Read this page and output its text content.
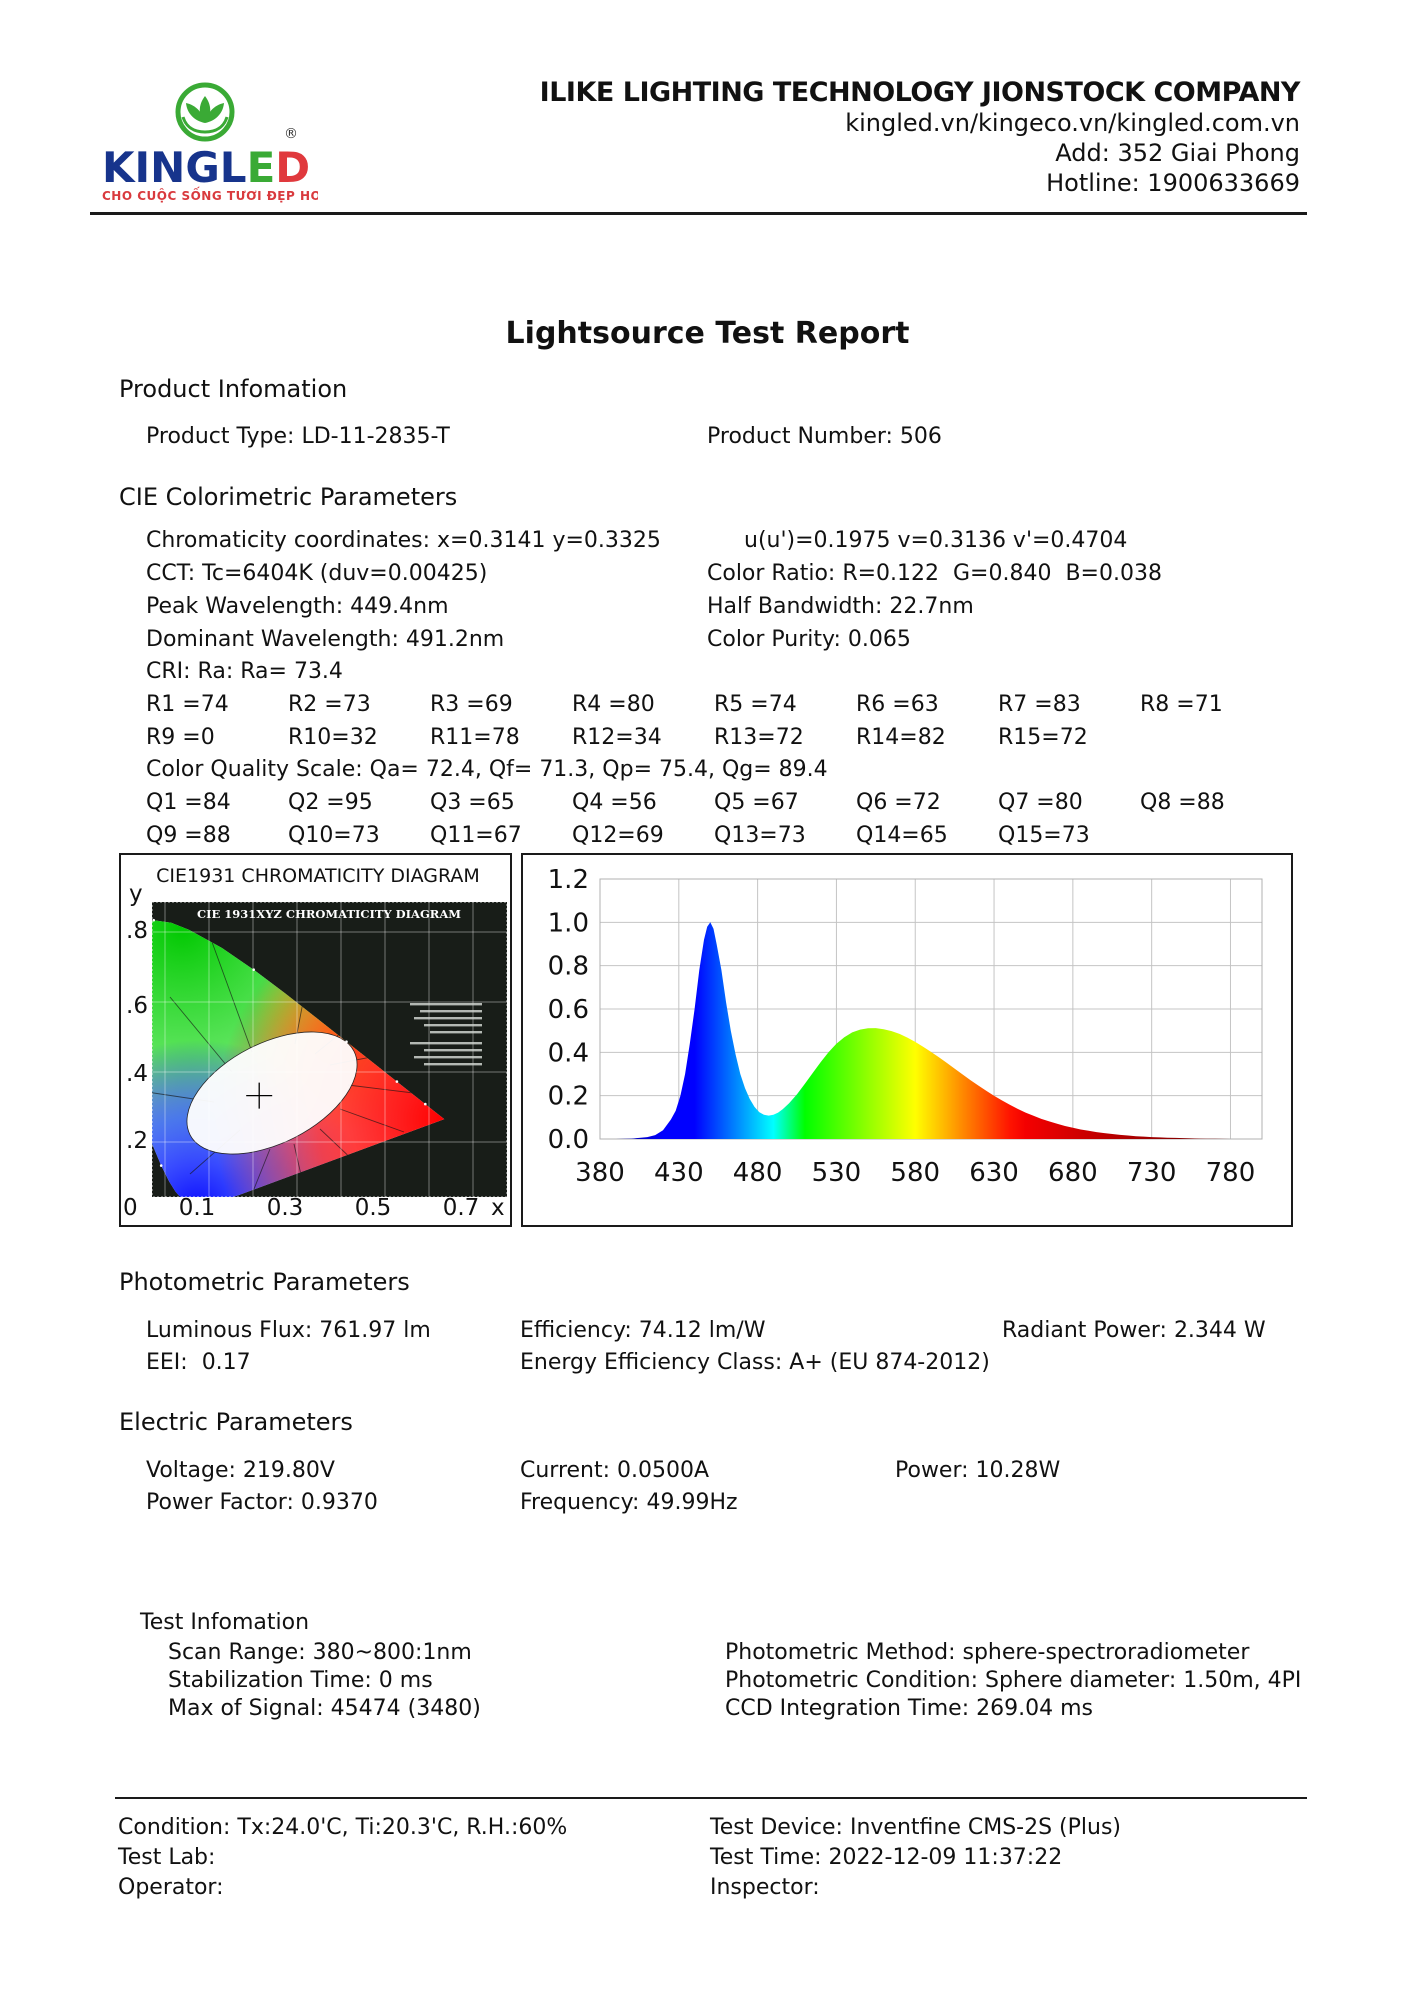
KINGLED
®
CHO CUỘC SỐNG TƯƠI ĐẸP HƠN
ILIKE LIGHTING TECHNOLOGY JIONSTOCK COMPANY
kingled.vn/kingeco.vn/kingled.com.vn
Add: 352 Giai Phong
Hotline: 1900633669
Lightsource Test Report
Product Infomation
Product Type: LD-11-2835-T	Product Number: 506
CIE Colorimetric Parameters
Chromaticity coordinates: x=0.3141 y=0.3325	u(u')=0.1975 v=0.3136 v'=0.4704
CCT: Tc=6404K (duv=0.00425)	Color Ratio: R=0.122  G=0.840  B=0.038
Peak Wavelength: 449.4nm	Half Bandwidth: 22.7nm
Dominant Wavelength: 491.2nm	Color Purity: 0.065
CRI: Ra: Ra= 73.4
R1 =74	R2 =73	R3 =69	R4 =80	R5 =74	R6 =63	R7 =83	R8 =71
R9 =0	R10=32	R11=78	R12=34	R13=72	R14=82	R15=72
Color Quality Scale: Qa= 72.4, Qf= 71.3, Qp= 75.4, Qg= 89.4
Q1 =84	Q2 =95	Q3 =65	Q4 =56	Q5 =67	Q6 =72	Q7 =80	Q8 =88
Q9 =88	Q10=73	Q11=67	Q12=69	Q13=73	Q14=65	Q15=73
CIE1931 CHROMATICITY DIAGRAM
y
.8
.6
.4
.2
CIE 1931XYZ CHROMATICITY DIAGRAM
0	0.1	0.3	0.5	0.7 x
0.0
0.2
0.4
0.6
0.8
1.0
1.2
380 430 480 530 580 630 680 730 780
Photometric Parameters
Luminous Flux: 761.97 lm	Efficiency: 74.12 lm/W	Radiant Power: 2.344 W
EEI:  0.17	Energy Efficiency Class: A+ (EU 874-2012)
Electric Parameters
Voltage: 219.80V	Current: 0.0500A	Power: 10.28W
Power Factor: 0.9370	Frequency: 49.99Hz
Test Infomation
Scan Range: 380~800:1nm
Stabilization Time: 0 ms
Max of Signal: 45474 (3480)
Photometric Method: sphere-spectroradiometer
Photometric Condition: Sphere diameter: 1.50m, 4PI
CCD Integration Time: 269.04 ms
Condition: Tx:24.0'C, Ti:20.3'C, R.H.:60%
Test Lab:
Operator:
Test Device: Inventfine CMS-2S (Plus)
Test Time: 2022-12-09 11:37:22
Inspector:
